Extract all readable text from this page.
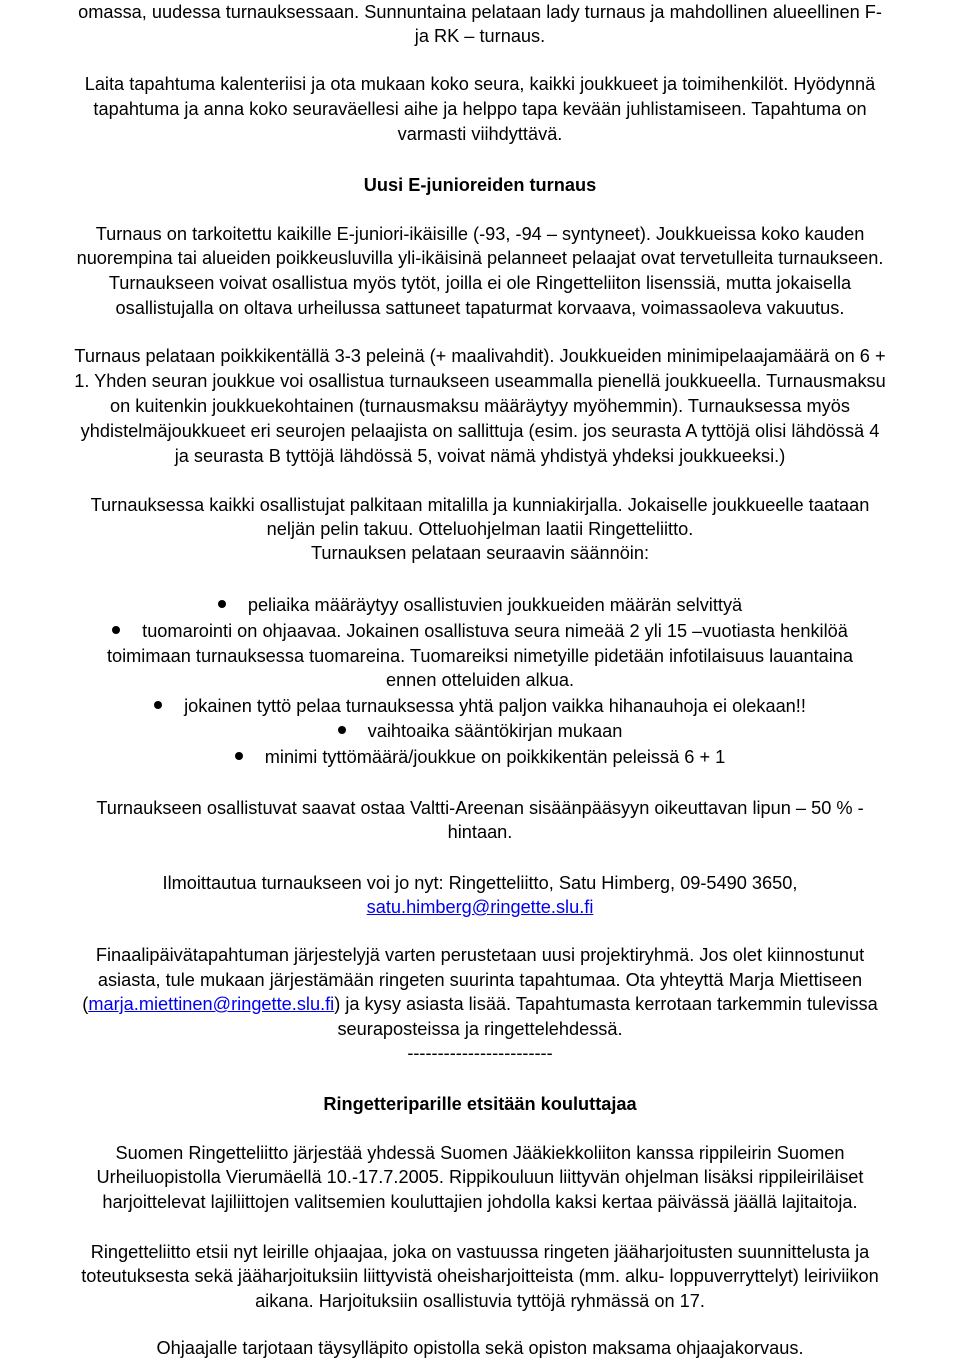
omassa, uudessa turnauksessaan. Sunnuntaina pelataan lady turnaus ja mahdollinen alueellinen F-
ja RK – turnaus.
Laita tapahtuma kalenteriisi ja ota mukaan koko seura, kaikki joukkueet ja toimihenkilöt. Hyödynnä
tapahtuma ja anna koko seuraväellesi aihe ja helppo tapa kevään juhlistamiseen. Tapahtuma on
varmasti viihdyttävä.
Uusi E-junioreiden turnaus
Turnaus on tarkoitettu kaikille E-juniori-ikäisille (-93, -94 – syntyneet). Joukkueissa koko kauden
nuorempina tai alueiden poikkeusluvilla yli-ikäisinä pelanneet pelaajat ovat tervetulleita turnaukseen.
Turnaukseen voivat osallistua myös tytöt, joilla ei ole Ringetteliiton lisenssiä, mutta jokaisella
osallistujalla on oltava urheilussa sattuneet tapaturmat korvaava, voimassaoleva vakuutus.
Turnaus pelataan poikkikentällä 3-3 peleinä (+ maalivahdit). Joukkueiden minimipelaajamäärä on 6 +
1. Yhden seuran joukkue voi osallistua turnaukseen useammalla pienellä joukkueella. Turnausmaksu
on kuitenkin joukkuekohtainen (turnausmaksu määräytyy myöhemmin). Turnauksessa myös
yhdistelmäjoukkueet eri seurojen pelaajista on sallittuja (esim. jos seurasta A tyttöjä olisi lähdössä 4
ja seurasta B tyttöjä lähdössä 5, voivat nämä yhdistyä yhdeksi joukkueeksi.)
Turnauksessa kaikki osallistujat palkitaan mitalilla ja kunniakirjalla. Jokaiselle joukkueelle taataan
neljän pelin takuu. Otteluohjelman laatii Ringetteliitto.
Turnauksen pelataan seuraavin säännöin:
peliaika määräytyy osallistuvien joukkueiden määrän selvittyä
tuomarointi on ohjaavaa. Jokainen osallistuva seura nimeää 2 yli 15 –vuotiasta henkilöä
toimimaan turnauksessa tuomareina. Tuomareiksi nimetyille pidetään infotilaisuus lauantaina
ennen otteluiden alkua.
jokainen tyttö pelaa turnauksessa yhtä paljon vaikka hihanauhoja ei olekaan!!
vaihtoaika sääntökirjan mukaan
minimi tyttömäärä/joukkue on poikkikentän peleissä 6 + 1
Turnaukseen osallistuvat saavat ostaa Valtti-Areenan sisäänpääsyyn oikeuttavan lipun – 50 % -
hintaan.
Ilmoittautua turnaukseen voi jo nyt: Ringetteliitto, Satu Himberg, 09-5490 3650,
satu.himberg@ringette.slu.fi
Finaalipäivätapahtuman järjestelyjä varten perustetaan uusi projektiryhmä. Jos olet kiinnostunut
asiasta, tule mukaan järjestämään ringeten suurinta tapahtumaa. Ota yhteyttä Marja Miettiseen
(marja.miettinen@ringette.slu.fi) ja kysy asiasta lisää. Tapahtumasta kerrotaan tarkemmin tulevissa
seuraposteissa ja ringettelehdessä.
------------------------
Ringetteriparille etsitään kouluttajaa
Suomen Ringetteliitto järjestää yhdessä Suomen Jääkiekkoliiton kanssa rippileirin Suomen
Urheiluopistolla Vierumäellä 10.-17.7.2005. Rippikouluun liittyvän ohjelman lisäksi rippileiriläiset
harjoittelevat lajiliittojen valitsemien kouluttajien johdolla kaksi kertaa päivässä jäällä lajitaitoja.
Ringetteliitto etsii nyt leirille ohjaajaa, joka on vastuussa ringeten jääharjoitusten suunnittelusta ja
toteutuksesta sekä jääharjoituksiin liittyvistä oheisharjoitteista (mm. alku- loppuverryttelyt) leiriviikon
aikana. Harjoituksiin osallistuvia tyttöjä ryhmässä on 17.
Ohjaajalle tarjotaan täysylläpito opistolla sekä opiston maksama ohjaajakorvaus.
